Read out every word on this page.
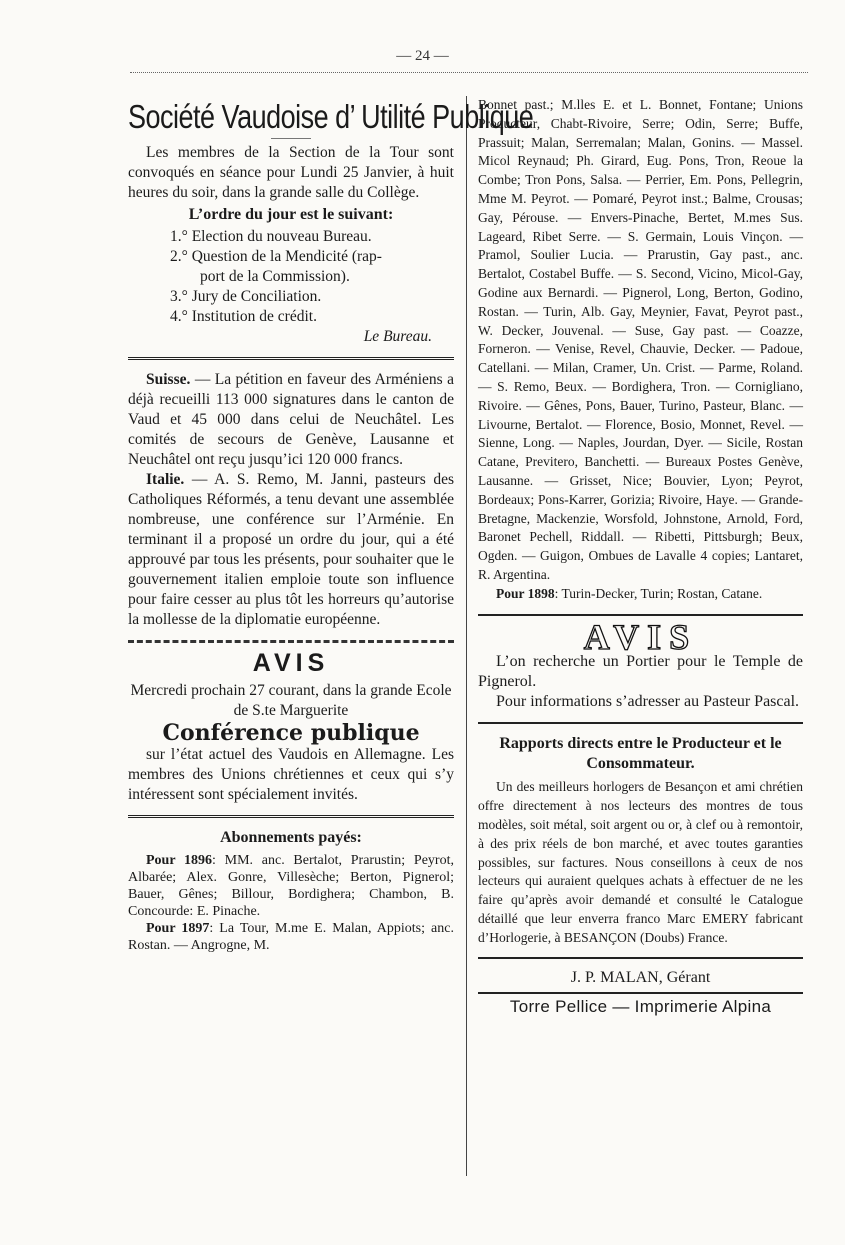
— 24 —
Société Vaudoise d’ Utilité Publique

Les membres de la Section de la Tour sont convoqués en séance pour Lundi 25 Janvier, à huit heures du soir, dans la grande salle du Collège.

L’ordre du jour est le suivant:

1.° Election du nouveau Bureau.

2.° Question de la Mendicité (rap-

port de la Commission).

3.° Jury de Conciliation.

4.° Institution de crédit.

Le Bureau.

Suisse. — La pétition en faveur des Arméniens a déjà recueilli 113 000 signatures dans le canton de Vaud et 45 000 dans celui de Neuchâtel. Les comités de secours de Genève, Lausanne et Neuchâtel ont reçu jusqu’ici 120 000 francs.

Italie. — A. S. Remo, M. Janni, pasteurs des Catholiques Réformés, a tenu devant une assemblée nombreuse, une conférence sur l’Arménie. En terminant il a proposé un ordre du jour, qui a été approuvé par tous les présents, pour souhaiter que le gouvernement italien emploie toute son influence pour faire cesser au plus tôt les horreurs qu’autorise la mollesse de la diplomatie européenne.

AVIS

Mercredi prochain 27 courant, dans la grande Ecole de S.te Marguerite

Conférence publique

sur l’état actuel des Vaudois en Allemagne. Les membres des Unions chrétiennes et ceux qui s’y intéressent sont spécialement invités.

Abonnements payés:

Pour 1896: MM. anc. Bertalot, Prarustin; Peyrot, Albarée; Alex. Gonre, Villesèche; Berton, Pignerol; Bauer, Gênes; Billour, Bordighera; Chambon, B. Concourde: E. Pinache.

Pour 1897: La Tour, M.me E. Malan, Appiots; anc. Rostan. — Angrogne, M.

Bonnet past.; M.lles E. et L. Bonnet, Fontane; Unions Producteur, Chabt-Rivoire, Serre; Odin, Serre; Buffe, Prassuit; Malan, Serremalan; Malan, Gonins. — Massel. Micol Reynaud; Ph. Girard, Eug. Pons, Tron, Reoue la Combe; Tron Pons, Salsa. — Perrier, Em. Pons, Pellegrin, Mme M. Peyrot. — Pomaré, Peyrot inst.; Balme, Crousas; Gay, Pérouse. — Envers-Pinache, Bertet, M.mes Sus. Lageard, Ribet Serre. — S. Germain, Louis Vinçon. — Pramol, Soulier Lucia. — Prarustin, Gay past., anc. Bertalot, Costabel Buffe. — S. Second, Vicino, Micol-Gay, Godine aux Bernardi. — Pignerol, Long, Berton, Godino, Rostan. — Turin, Alb. Gay, Meynier, Favat, Peyrot past., W. Decker, Jouvenal. — Suse, Gay past. — Coazze, Forneron. — Venise, Revel, Chauvie, Decker. — Padoue, Catellani. — Milan, Cramer, Un. Crist. — Parme, Roland. — S. Remo, Beux. — Bordighera, Tron. — Cornigliano, Rivoire. — Gênes, Pons, Bauer, Turino, Pasteur, Blanc. — Livourne, Bertalot. — Florence, Bosio, Monnet, Revel. — Sienne, Long. — Naples, Jourdan, Dyer. — Sicile, Rostan Catane, Previtero, Banchetti. — Bureaux Postes Genève, Lausanne. — Grisset, Nice; Bouvier, Lyon; Peyrot, Bordeaux; Pons-Karrer, Gorizia; Rivoire, Haye. — Grande-Bretagne, Mackenzie, Worsfold, Johnstone, Arnold, Ford, Baronet Pechell, Riddall. — Ribetti, Pittsburgh; Beux, Ogden. — Guigon, Ombues de Lavalle 4 copies; Lantaret, R. Argentina.

Pour 1898: Turin-Decker, Turin; Rostan, Catane.

AVIS

L’on recherche un Portier pour le Temple de Pignerol.

Pour informations s’adresser au Pasteur Pascal.

Rapports directs entre le Producteur et le Consommateur.

Un des meilleurs horlogers de Besançon et ami chrétien offre directement à nos lecteurs des montres de tous modèles, soit métal, soit argent ou or, à clef ou à remontoir, à des prix réels de bon marché, et avec toutes garanties possibles, sur factures. Nous conseillons à ceux de nos lecteurs qui auraient quelques achats à effectuer de ne les faire qu’après avoir demandé et consulté le Catalogue détaillé que leur enverra franco Marc EMERY fabricant d’Horlogerie, à BESANÇON (Doubs) France.

J. P. MALAN, Gérant
Torre Pellice — Imprimerie Alpina
